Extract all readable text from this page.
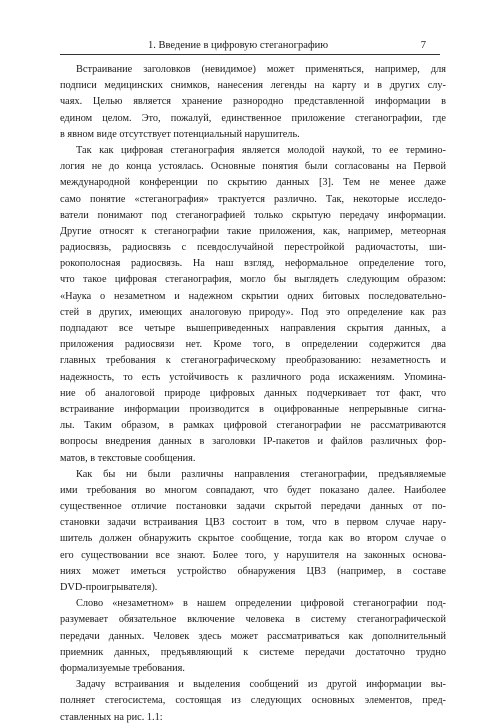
1. Введение в цифровую стеганографию	7
Встраивание заголовков (невидимое) может применяться, например, для
подписи медицинских снимков, нанесения легенды на карту и в других слу-
чаях. Целью является хранение разнородно представленной информации в
едином целом. Это, пожалуй, единственное приложение стеганографии, где
в явном виде отсутствует потенциальный нарушитель.
Так как цифровая стеганография является молодой наукой, то ее термино-
логия не до конца устоялась. Основные понятия были согласованы на Первой
международной конференции по скрытию данных [3]. Тем не менее даже
само понятие «стеганография» трактуется различно. Так, некоторые исследо-
ватели понимают под стеганографией только скрытую передачу информации.
Другие относят к стеганографии такие приложения, как, например, метеорная
радиосвязь, радиосвязь с псевдослучайной перестройкой радиочастоты, ши-
рокополосная радиосвязь. На наш взгляд, неформальное определение того,
что такое цифровая стеганография, могло бы выглядеть следующим образом:
«Наука о незаметном и надежном скрытии одних битовых последовательно-
стей в других, имеющих аналоговую природу». Под это определение как раз
подпадают все четыре вышеприведенных направления скрытия данных, а
приложения радиосвязи нет. Кроме того, в определении содержится два
главных требования к стеганографическому преобразованию: незаметность и
надежность, то есть устойчивость к различного рода искажениям. Упомина-
ние об аналоговой природе цифровых данных подчеркивает тот факт, что
встраивание информации производится в оцифрованные непрерывные сигна-
лы. Таким образом, в рамках цифровой стеганографии не рассматриваются
вопросы внедрения данных в заголовки IP-пакетов и файлов различных фор-
матов, в текстовые сообщения.
Как бы ни были различны направления стеганографии, предъявляемые
ими требования во многом совпадают, что будет показано далее. Наиболее
существенное отличие постановки задачи скрытой передачи данных от по-
становки задачи встраивания ЦВЗ состоит в том, что в первом случае нару-
шитель должен обнаружить скрытое сообщение, тогда как во втором случае о
его существовании все знают. Более того, у нарушителя на законных основа-
ниях может иметься устройство обнаружения ЦВЗ (например, в составе
DVD-проигрывателя).
Слово «незаметном» в нашем определении цифровой стеганографии под-
разумевает обязательное включение человека в систему стеганографической
передачи данных. Человек здесь может рассматриваться как дополнительный
приемник данных, предъявляющий к системе передачи достаточно трудно
формализуемые требования.
Задачу встраивания и выделения сообщений из другой информации вы-
полняет стегосистема, состоящая из следующих основных элементов, пред-
ставленных на рис. 1.1:
